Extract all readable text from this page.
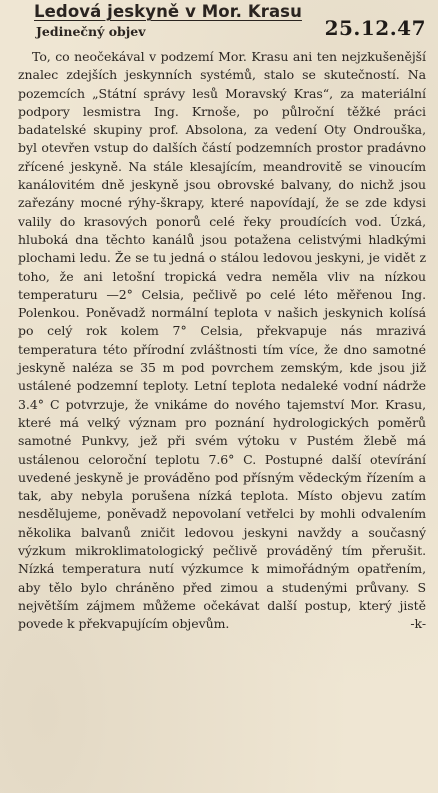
Ledová jeskyně v Mor. Krasu
Jedinečný objev	25.12.47

To, co neočekával v podzemí Mor. Krasu ani ten nejzkušenější znalec zdejších jeskynních systémů, stalo se skutečností. Na pozemcích „Státní správy lesů Moravský Kras“, za materiální podpory lesmistra Ing. Krnoše, po půlroční těžké práci badatelské skupiny prof. Absolona, za vedení Oty Ondrouška, byl otevřen vstup do dalších částí podzemních prostor pradávno zřícené jeskyně. Na stále klesajícím, meandrovitě se vinoucím kanálovitém dně jeskyně jsou obrovské balvany, do nichž jsou zařezány mocné rýhy-škrapy, které napovídají, že se zde kdysi valily do krasových ponorů celé řeky proudících vod. Úzká, hluboká dna těchto kanálů jsou potažena celistvými hladkými plochami ledu. Že se tu jedná o stálou ledovou jeskyni, je vidět z toho, že ani letošní tropická vedra neměla vliv na nízkou temperaturu —2° Celsia, pečlivě po celé léto měřenou Ing. Polenkou. Poněvadž normální teplota v našich jeskynich kolísá po celý rok kolem 7° Celsia, překvapuje nás mrazivá temperatura této přírodní zvláštnosti tím více, že dno samotné jeskyně naléza se 35 m pod povrchem zemským, kde jsou již ustálené podzemní teploty. Letní teplota nedaleké vodní nádrže 3.4° C potvrzuje, že vnikáme do nového tajemství Mor. Krasu, které má velký význam pro poznání hydrologických poměrů samotné Punkvy, jež při svém výtoku v Pustém žlebě má ustálenou celoroční teplotu 7.6° C. Postupné další otevírání uvedené jeskyně je prováděno pod přísným vědeckým řízením a tak, aby nebyla porušena nízká teplota. Místo objevu zatím nesdělujeme, poněvadž nepovolaní vetřelci by mohli odvalením několika balvanů zničit ledovou jeskyni navždy a současný výzkum mikroklimatologický pečlivě prováděný tím přerušit. Nízká temperatura nutí výzkumce k mimořádným opatřením, aby tělo bylo chráněno před zimou a studenými průvany. S největším zájmem můžeme očekávat další postup, který jistě povede k překvapujícím objevům.	-k-
